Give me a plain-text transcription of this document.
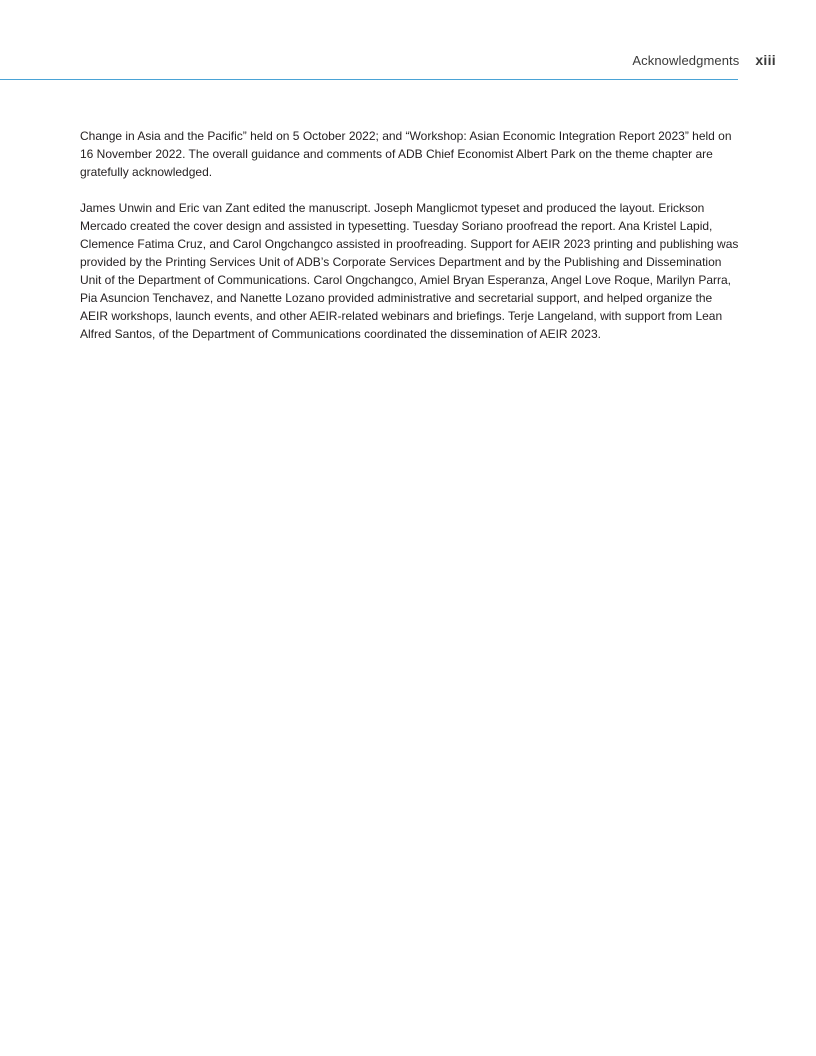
Acknowledgments xiii

Change in Asia and the Pacific” held on 5 October 2022; and “Workshop: Asian Economic Integration Report 2023” held on 16 November 2022. The overall guidance and comments of ADB Chief Economist Albert Park on the theme chapter are gratefully acknowledged.

James Unwin and Eric van Zant edited the manuscript. Joseph Manglicmot typeset and produced the layout. Erickson Mercado created the cover design and assisted in typesetting. Tuesday Soriano proofread the report. Ana Kristel Lapid, Clemence Fatima Cruz, and Carol Ongchangco assisted in proofreading. Support for AEIR 2023 printing and publishing was provided by the Printing Services Unit of ADB’s Corporate Services Department and by the Publishing and Dissemination Unit of the Department of Communications. Carol Ongchangco, Amiel Bryan Esperanza, Angel Love Roque, Marilyn Parra, Pia Asuncion Tenchavez, and Nanette Lozano provided administrative and secretarial support, and helped organize the AEIR workshops, launch events, and other AEIR-related webinars and briefings. Terje Langeland, with support from Lean Alfred Santos, of the Department of Communications coordinated the dissemination of AEIR 2023.
